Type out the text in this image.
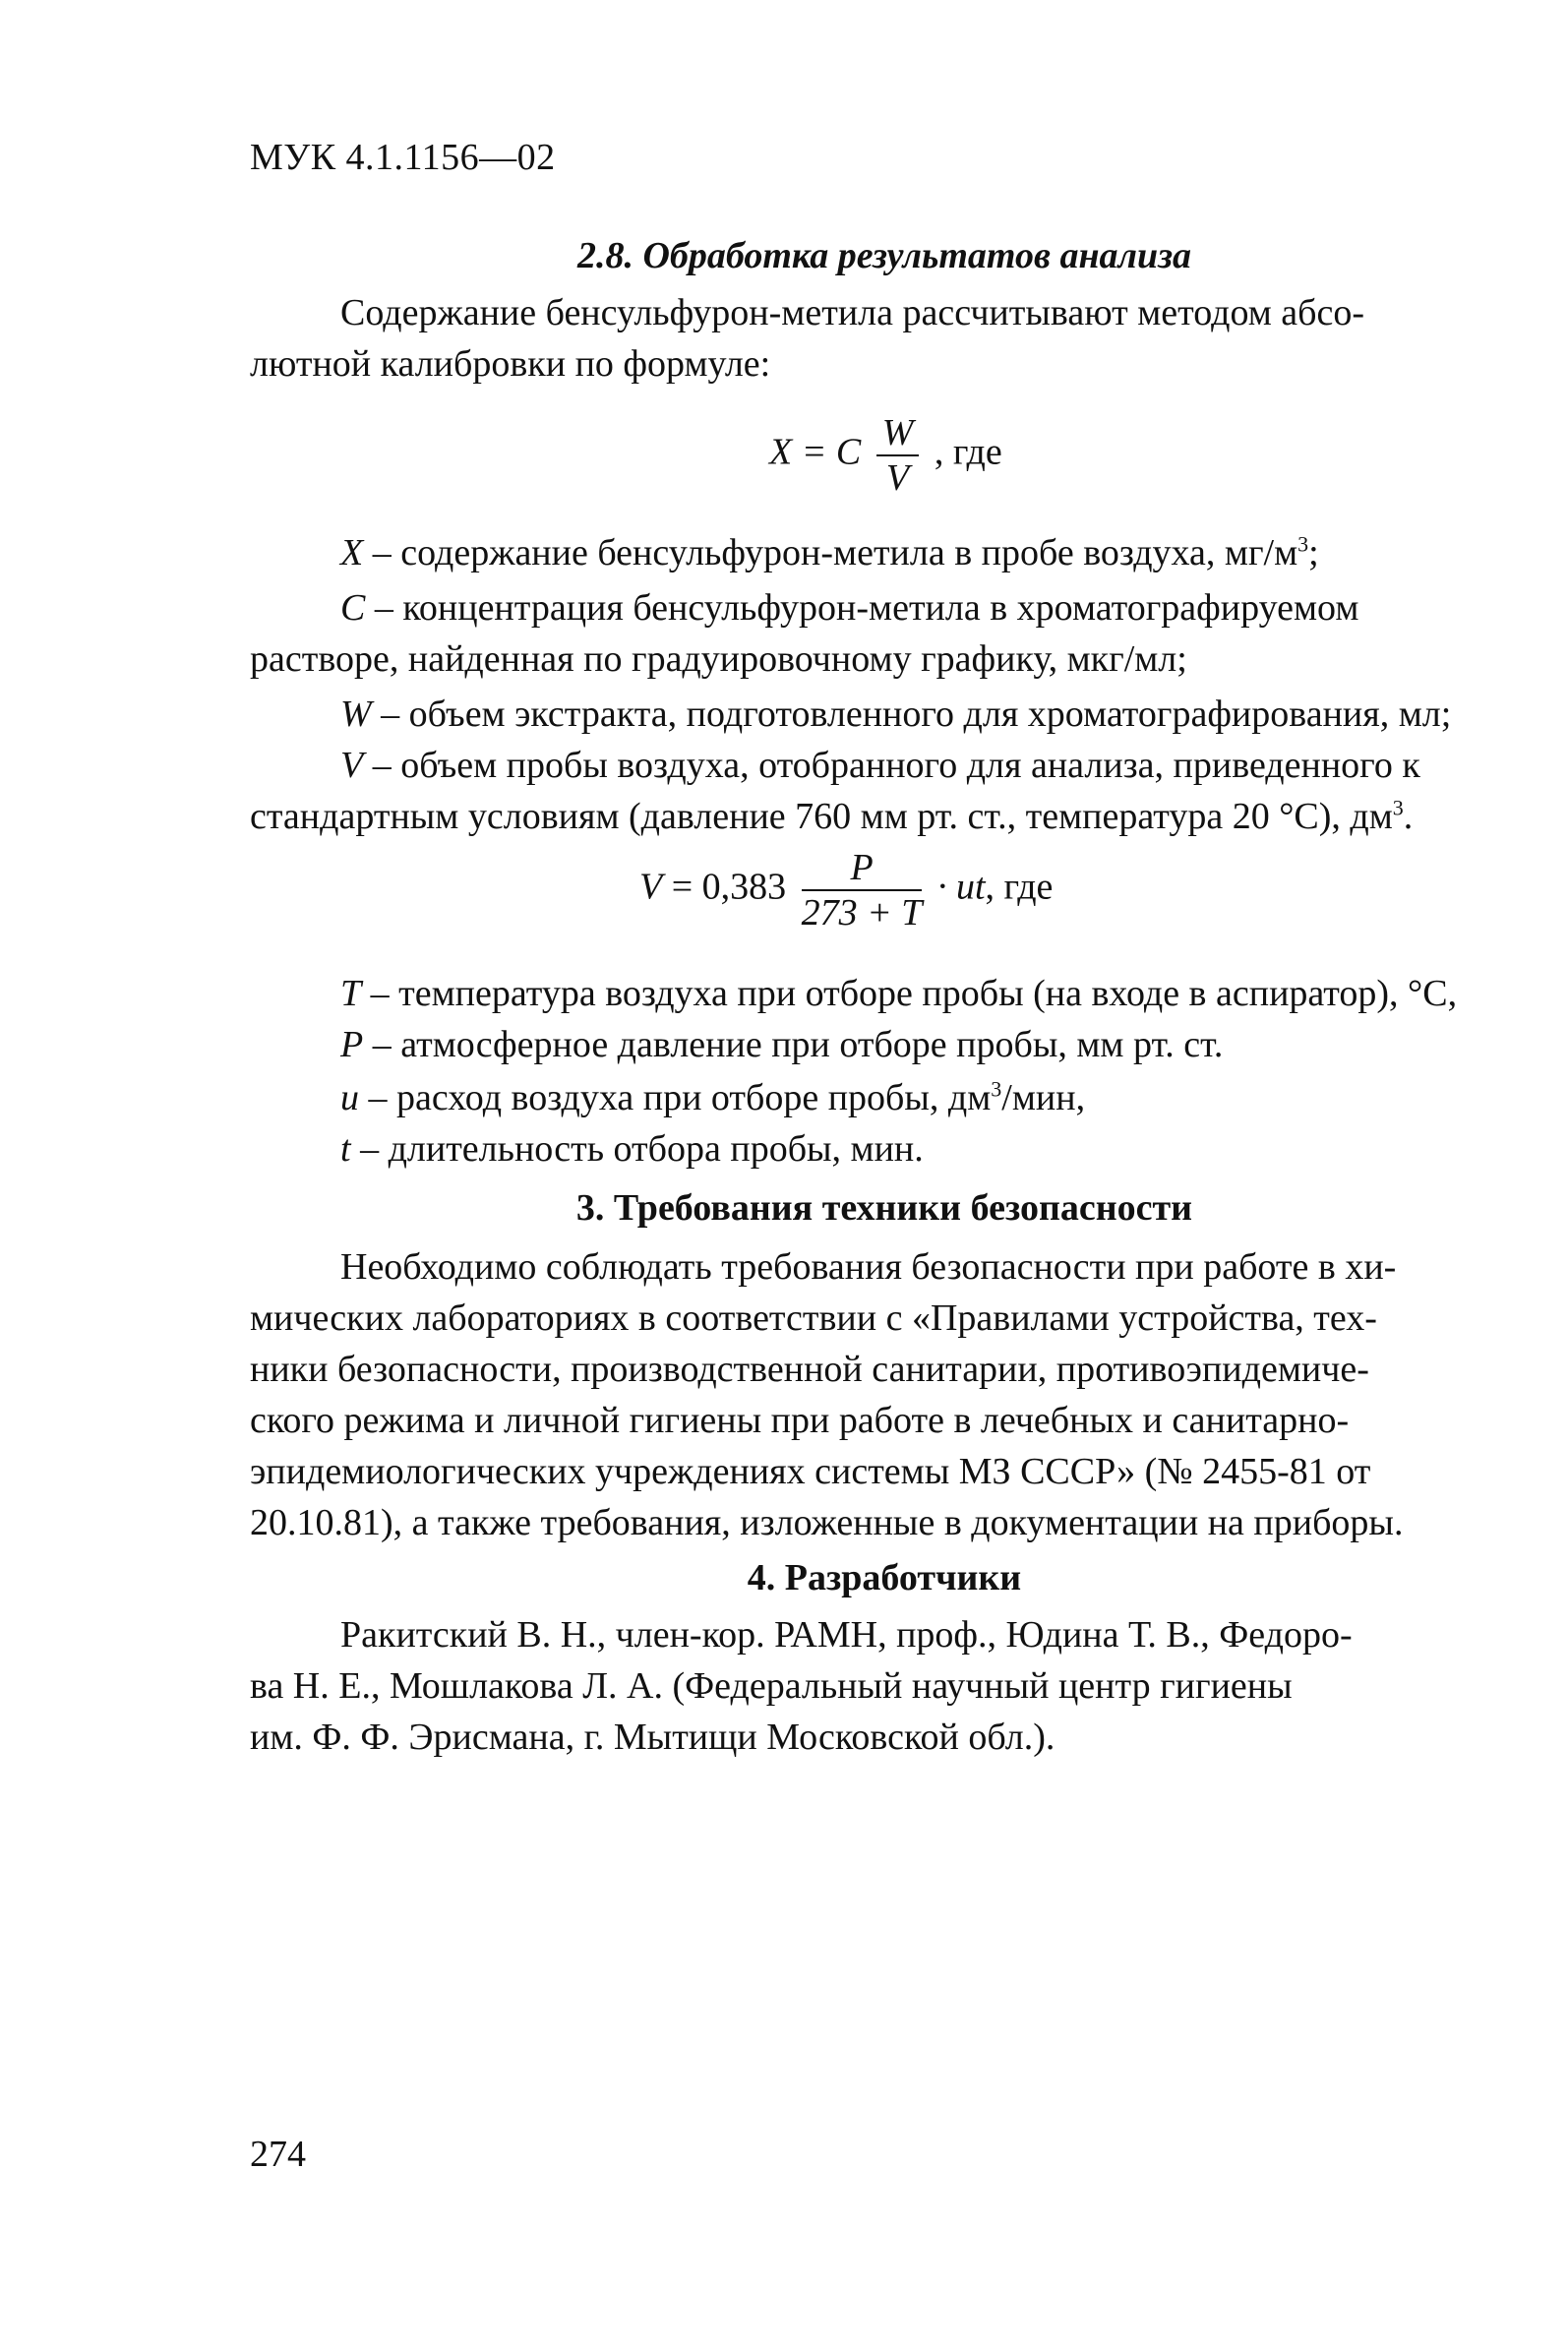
МУК 4.1.1156—02
2.8. Обработка результатов анализа
Содержание бенсульфурон-метила рассчитывают методом абсо-
лютной калибровки по формуле:
X = C $\frac{W}{V}$ , где
X – содержание бенсульфурон-метила в пробе воздуха, $мг/м^3$;
C – концентрация бенсульфурон-метила в хроматографируемом
растворе, найденная по градуировочному графику, мкг/мл;
W – объем экстракта, подготовленного для хроматографирования, мл;
V – объем пробы воздуха, отобранного для анализа, приведенного к
стандартным условиям (давление 760 мм рт. ст., температура 20 °С), $дм^3$.
$V = 0,383 \frac{P}{273 + T}$ · ut, где
T – температура воздуха при отборе пробы (на входе в аспиратор), °С,
P – атмосферное давление при отборе пробы, мм рт. ст.
u – расход воздуха при отборе пробы, $дм^3$/мин,
t – длительность отбора пробы, мин.
3. Требования техники безопасности
Необходимо соблюдать требования безопасности при работе в хи-
мических лабораториях в соответствии с «Правилами устройства, тех-
ники безопасности, производственной санитарии, противоэпидемиче-
ского режима и личной гигиены при работе в лечебных и санитарно-
эпидемиологических учреждениях системы МЗ СССР» (№ 2455-81 от
20.10.81), а также требования, изложенные в документации на приборы.
4. Разработчики
Ракитский В. Н., член-кор. РАМН, проф., Юдина Т. В., Федоро-
ва Н. Е., Мошлакова Л. А. (Федеральный научный центр гигиены
им. Ф. Ф. Эрисмана, г. Мытищи Московской обл.).
274
